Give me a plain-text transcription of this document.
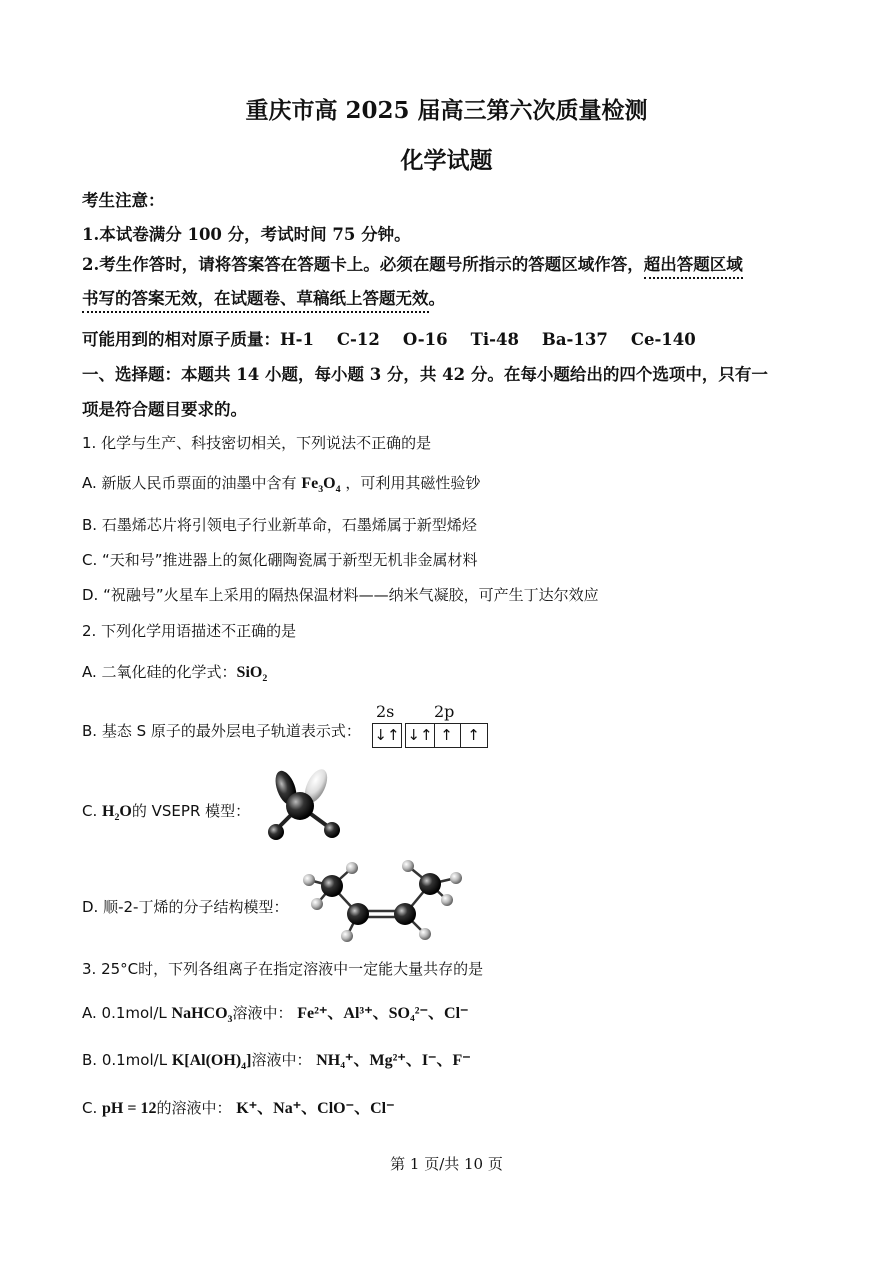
重庆市高 2025 届高三第六次质量检测
化学试题
考生注意：
1.本试卷满分 100 分，考试时间 75 分钟。
2.考生作答时，请将答案答在答题卡上。必须在题号所指示的答题区域作答，超出答题区域
书写的答案无效，在试题卷、草稿纸上答题无效。
可能用到的相对原子质量：H-1    C-12    O-16    Ti-48    Ba-137    Ce-140
一、选择题：本题共 14 小题，每小题 3 分，共 42 分。在每小题给出的四个选项中，只有一
项是符合题目要求的。
1. 化学与生产、科技密切相关，下列说法不正确的是
A. 新版人民币票面的油墨中含有 $Fe_3O_4$ ，可利用其磁性验钞
B. 石墨烯芯片将引领电子行业新革命，石墨烯属于新型烯烃
C. “天和号”推进器上的氮化硼陶瓷属于新型无机非金属材料
D. “祝融号”火星车上采用的隔热保温材料——纳米气凝胶，可产生丁达尔效应
2. 下列化学用语描述不正确的是
A. 二氧化硅的化学式：SiO$_2$
B. 基态 S 原子的最外层电子轨道表示式：
2s 2p
↓↑ ↓↑ ↑ ↑
C. $H_2O$的 VSEPR 模型：
D. 顺-2-丁烯的分子结构模型：
3. 25°C时，下列各组离子在指定溶液中一定能大量共存的是
A. 0.1mol/L NaHCO$_3$溶液中： Fe²⁺、Al³⁺、SO₄²⁻、Cl⁻
B. 0.1mol/L $K[Al(OH)_4]$溶液中： NH₄⁺、Mg²⁺、I⁻、F⁻
C. pH = 12的溶液中： K⁺、Na⁺、ClO⁻、Cl⁻
第 1 页/共 10 页
